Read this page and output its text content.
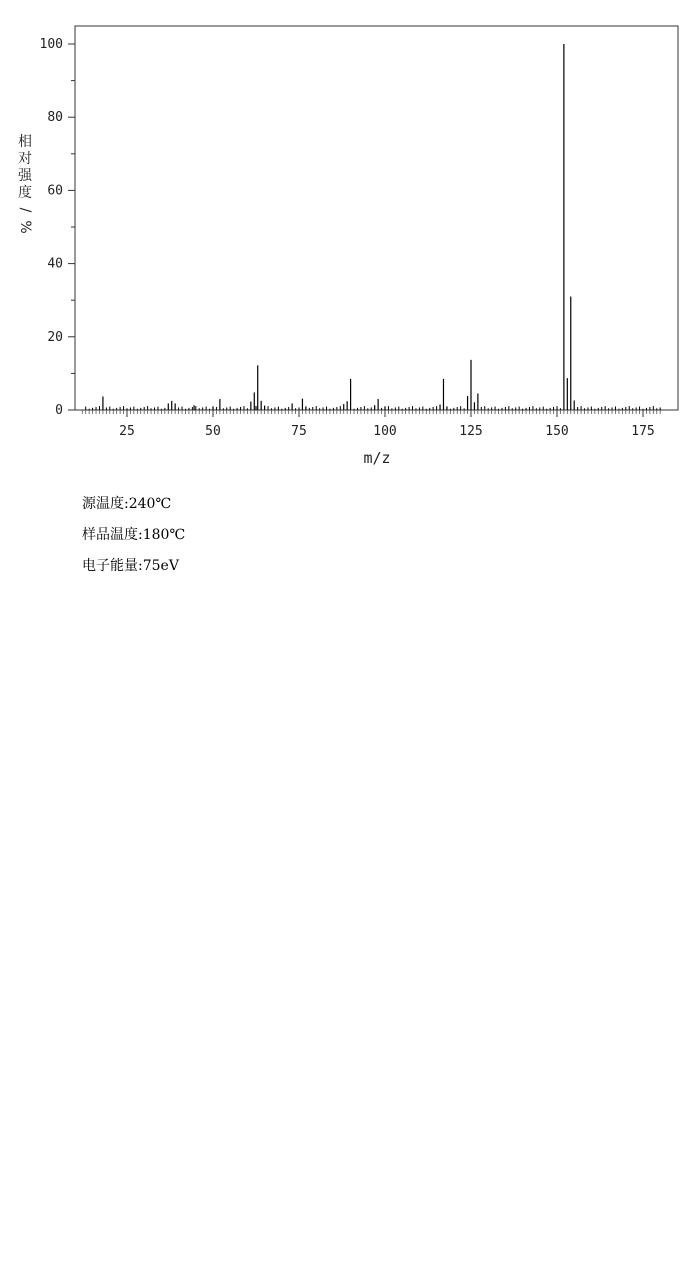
0
20
40
60
80
100
25	50	75	100	125	150	175
m/z
相
对
强
度
/
%
源温度:240℃
样品温度:180℃
电子能量:75eV
